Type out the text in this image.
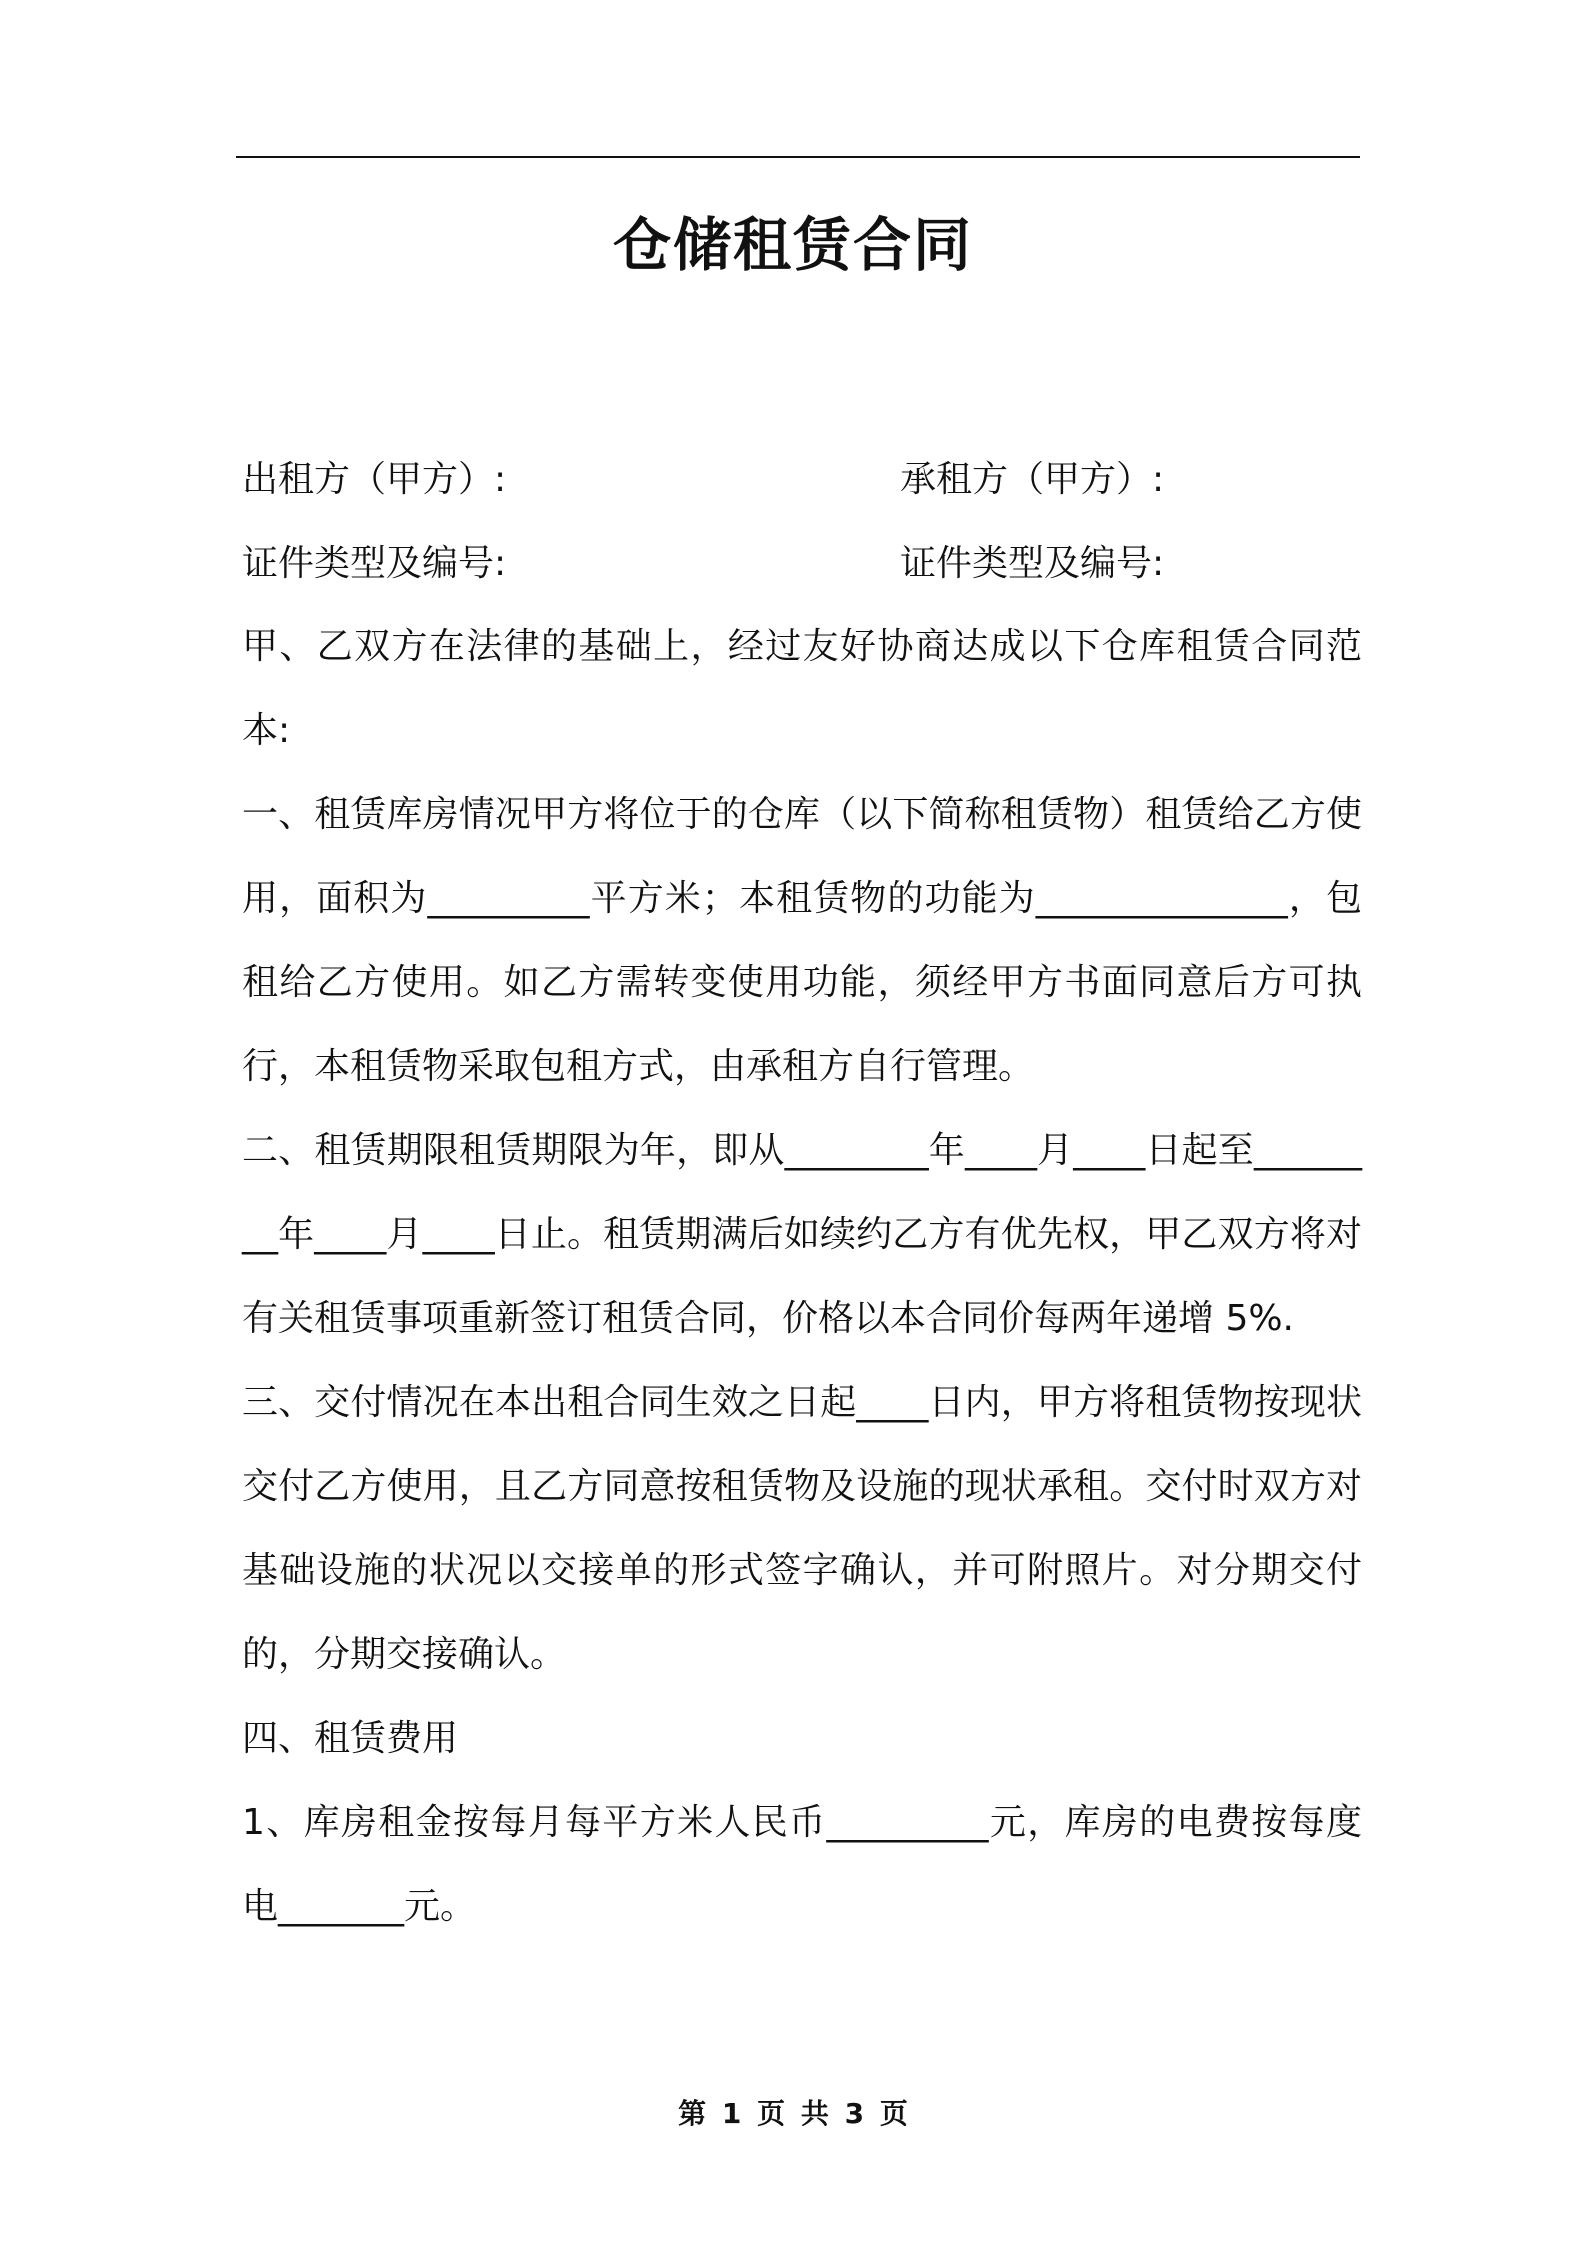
仓储租赁合同
出租方（甲方）:	承租方（甲方）:
证件类型及编号:	证件类型及编号:

甲、乙双方在法律的基础上，经过友好协商达成以下仓库租赁合同范本:

一、租赁库房情况甲方将位于的仓库（以下简称租赁物）租赁给乙方使用，面积为_________平方米；本租赁物的功能为______________，包租给乙方使用。如乙方需转变使用功能，须经甲方书面同意后方可执行，本租赁物采取包租方式，由承租方自行管理。

二、租赁期限租赁期限为年，即从________年____月____日起至________年____月____日止。租赁期满后如续约乙方有优先权，甲乙双方将对有关租赁事项重新签订租赁合同，价格以本合同价每两年递增 5%.

三、交付情况在本出租合同生效之日起____日内，甲方将租赁物按现状交付乙方使用，且乙方同意按租赁物及设施的现状承租。交付时双方对基础设施的状况以交接单的形式签字确认，并可附照片。对分期交付的，分期交接确认。

四、租赁费用

1、库房租金按每月每平方米人民币_________元，库房的电费按每度电_______元。

第 1 页 共 3 页
